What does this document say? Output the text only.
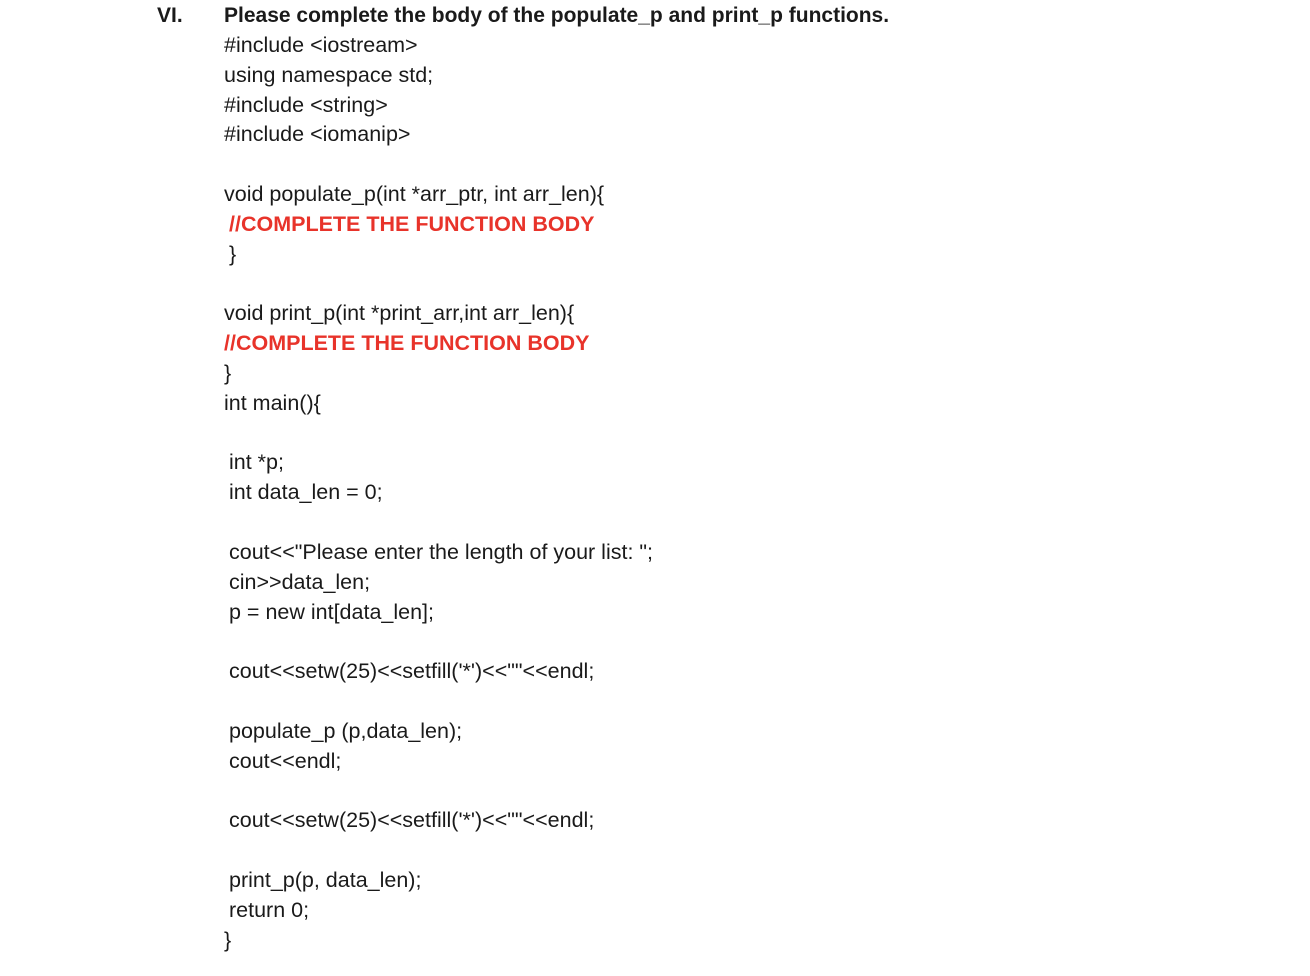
VI. Please complete the body of the populate_p and print_p functions.
#include <iostream>
using namespace std;
#include <string>
#include <iomanip>
void populate_p(int *arr_ptr, int arr_len){
//COMPLETE THE FUNCTION BODY
}
void print_p(int *print_arr,int arr_len){
//COMPLETE THE FUNCTION BODY
}
int main(){
int *p;
int data_len = 0;
cout<<"Please enter the length of your list: ";
cin>>data_len;
p = new int[data_len];
cout<<setw(25)<<setfill('*')<<""<<endl;
populate_p (p,data_len);
cout<<endl;
cout<<setw(25)<<setfill('*')<<""<<endl;
print_p(p, data_len);
return 0;
}
